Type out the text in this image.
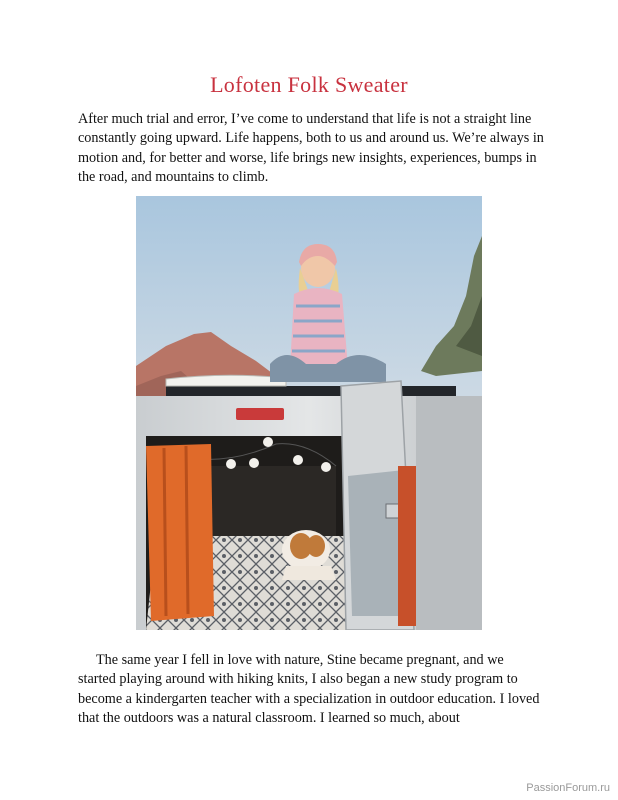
Lofoten Folk Sweater

After much trial and error, I’ve come to understand that life is not a straight line constantly going upward. Life happens, both to us and around us. We’re always in motion and, for better and worse, life brings new insights, experiences, bumps in the road, and mountains to climb.

The same year I fell in love with nature, Stine became pregnant, and we started playing around with hiking knits, I also began a new study program to become a kindergarten teacher with a specialization in outdoor education. I loved that the outdoors was a natural classroom. I learned so much, about

PassionForum.ru
